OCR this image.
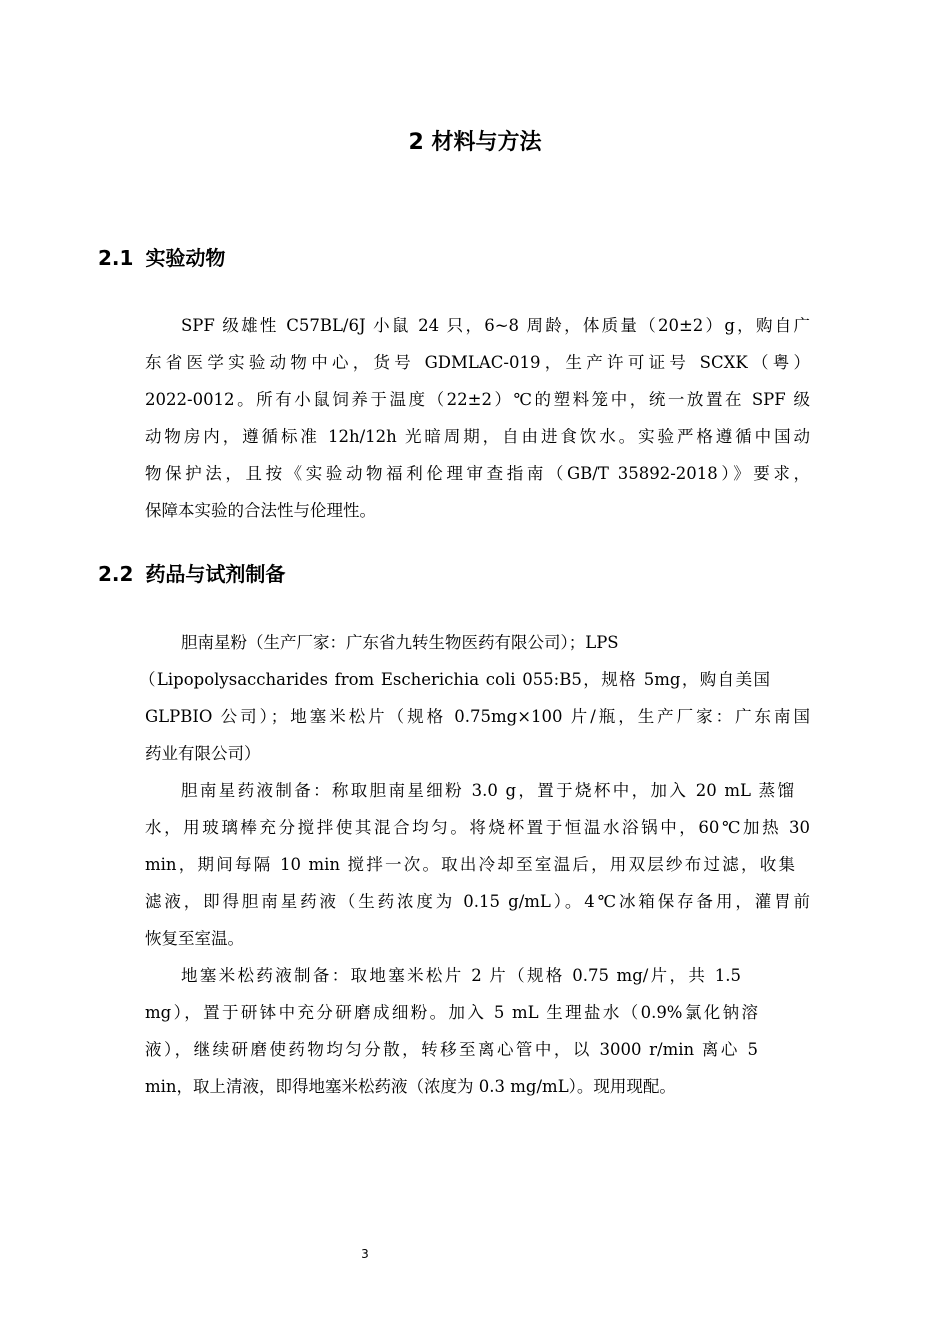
2 材料与方法
2.1 实验动物
SPF 级雄性 C57BL/6J 小鼠 24 只，6~8 周龄，体质量（20±2）g，购自广
东省医学实验动物中心，货号 GDMLAC-019，生产许可证号 SCXK（粤）
2022-0012。所有小鼠饲养于温度（22±2）℃的塑料笼中，统一放置在 SPF 级
动物房内，遵循标准 12h/12h 光暗周期，自由进食饮水。实验严格遵循中国动
物保护法，且按《实验动物福利伦理审查指南（GB/T 35892-2018）》要求，
保障本实验的合法性与伦理性。
2.2 药品与试剂制备
胆南星粉（生产厂家：广东省九转生物医药有限公司）；LPS
（Lipopolysaccharides from Escherichia coli 055:B5，规格 5mg，购自美国
GLPBIO 公司）；地塞米松片（规格 0.75mg×100 片/瓶，生产厂家：广东南国
药业有限公司）
胆南星药液制备：称取胆南星细粉 3.0 g，置于烧杯中，加入 20 mL 蒸馏
水，用玻璃棒充分搅拌使其混合均匀。将烧杯置于恒温水浴锅中，60℃加热 30
min，期间每隔 10 min 搅拌一次。取出冷却至室温后，用双层纱布过滤，收集
滤液，即得胆南星药液（生药浓度为 0.15 g/mL）。4℃冰箱保存备用，灌胃前
恢复至室温。
地塞米松药液制备：取地塞米松片 2 片（规格 0.75 mg/片，共 1.5
mg），置于研钵中充分研磨成细粉。加入 5 mL 生理盐水（0.9%氯化钠溶
液），继续研磨使药物均匀分散，转移至离心管中，以 3000 r/min 离心 5
min，取上清液，即得地塞米松药液（浓度为 0.3 mg/mL）。现用现配。
3
